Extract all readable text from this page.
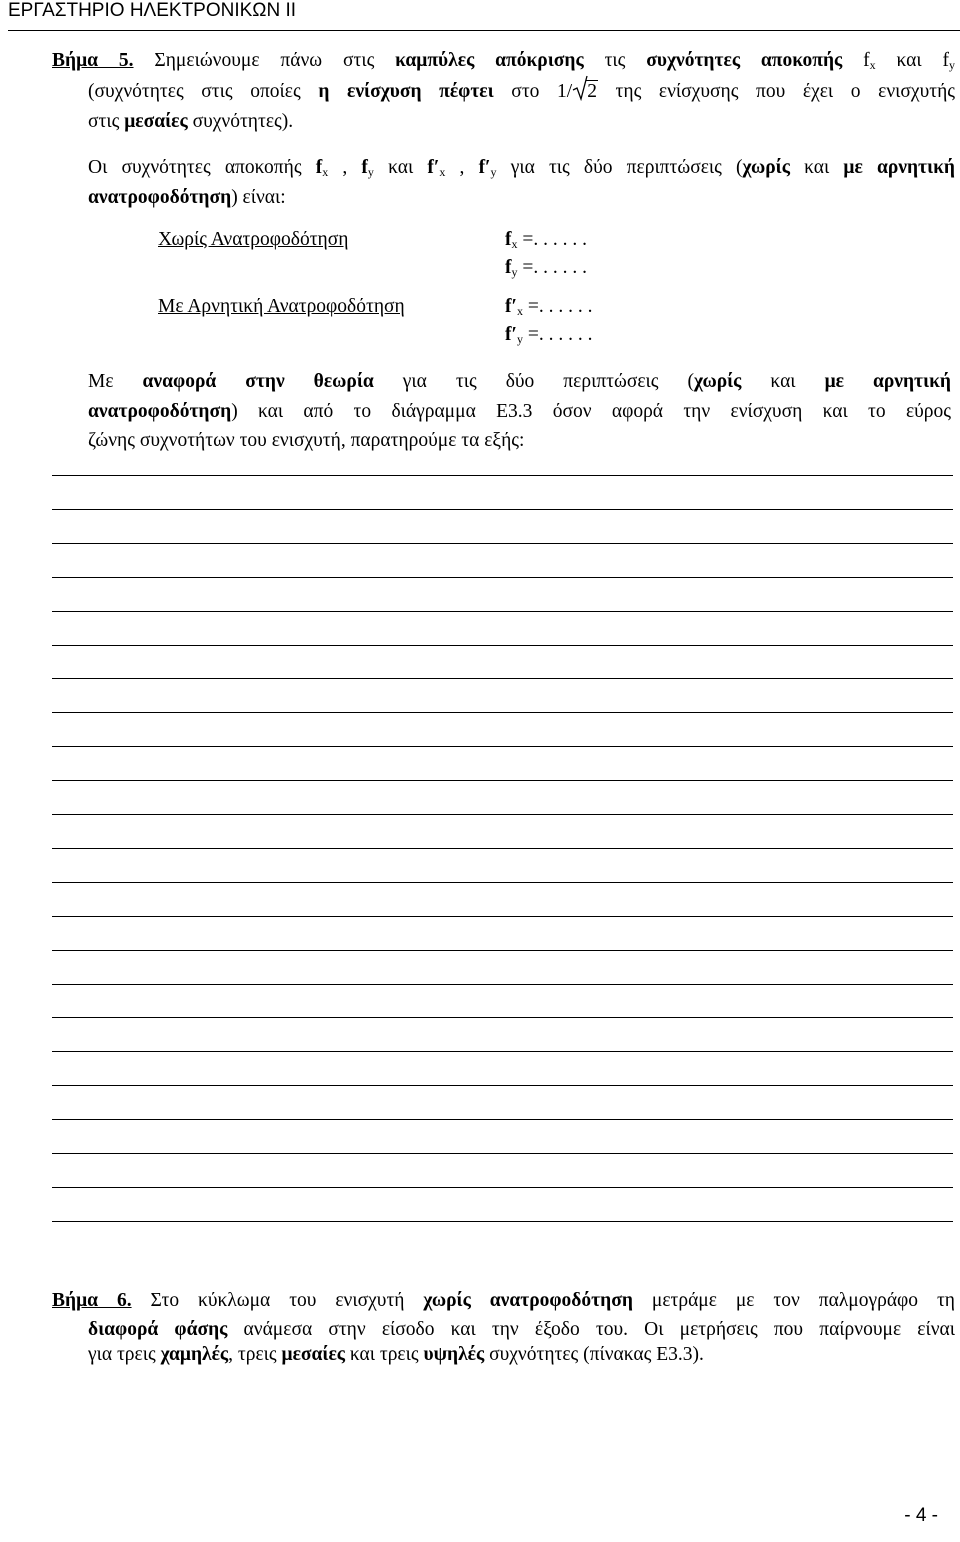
ΕΡΓΑΣΤΗΡΙΟ ΗΛΕΚΤΡΟΝΙΚΩΝ ΙΙ
Βήμα 5. Σημειώνουμε πάνω στις καμπύλες απόκρισης τις συχνότητες αποκοπής $f_x$ και $f_y$
(συχνότητες στις οποίες η ενίσχυση πέφτει στο 1/ 2 της ενίσχυσης που έχει ο ενισχυτής
στις μεσαίες συχνότητες).
Οι συχνότητες αποκοπής $f_x$ , $f_y$ και $f'_x$ , $f'_y$ για τις δύο περιπτώσεις (χωρίς και με αρνητική
ανατροφοδότηση) είναι:
Χωρίς Ανατροφοδότηση	$f_x$ =. . . . . .
$f_y$ =. . . . . .
Με Αρνητική Ανατροφοδότηση	$f'_x$ =. . . . . .
$f'_y$ =. . . . . .
Με αναφορά στην θεωρία για τις δύο περιπτώσεις (χωρίς και με αρνητική
ανατροφοδότηση) και από το διάγραμμα Ε3.3 όσον αφορά την ενίσχυση και το εύρος
ζώνης συχνοτήτων του ενισχυτή, παρατηρούμε τα εξής:
Βήμα 6. Στο κύκλωμα του ενισχυτή χωρίς ανατροφοδότηση μετράμε με τον παλμογράφο τη
διαφορά φάσης ανάμεσα στην είσοδο και την έξοδο του. Οι μετρήσεις που παίρνουμε είναι
για τρεις χαμηλές, τρεις μεσαίες και τρεις υψηλές συχνότητες (πίνακας Ε3.3).
- 4 -
